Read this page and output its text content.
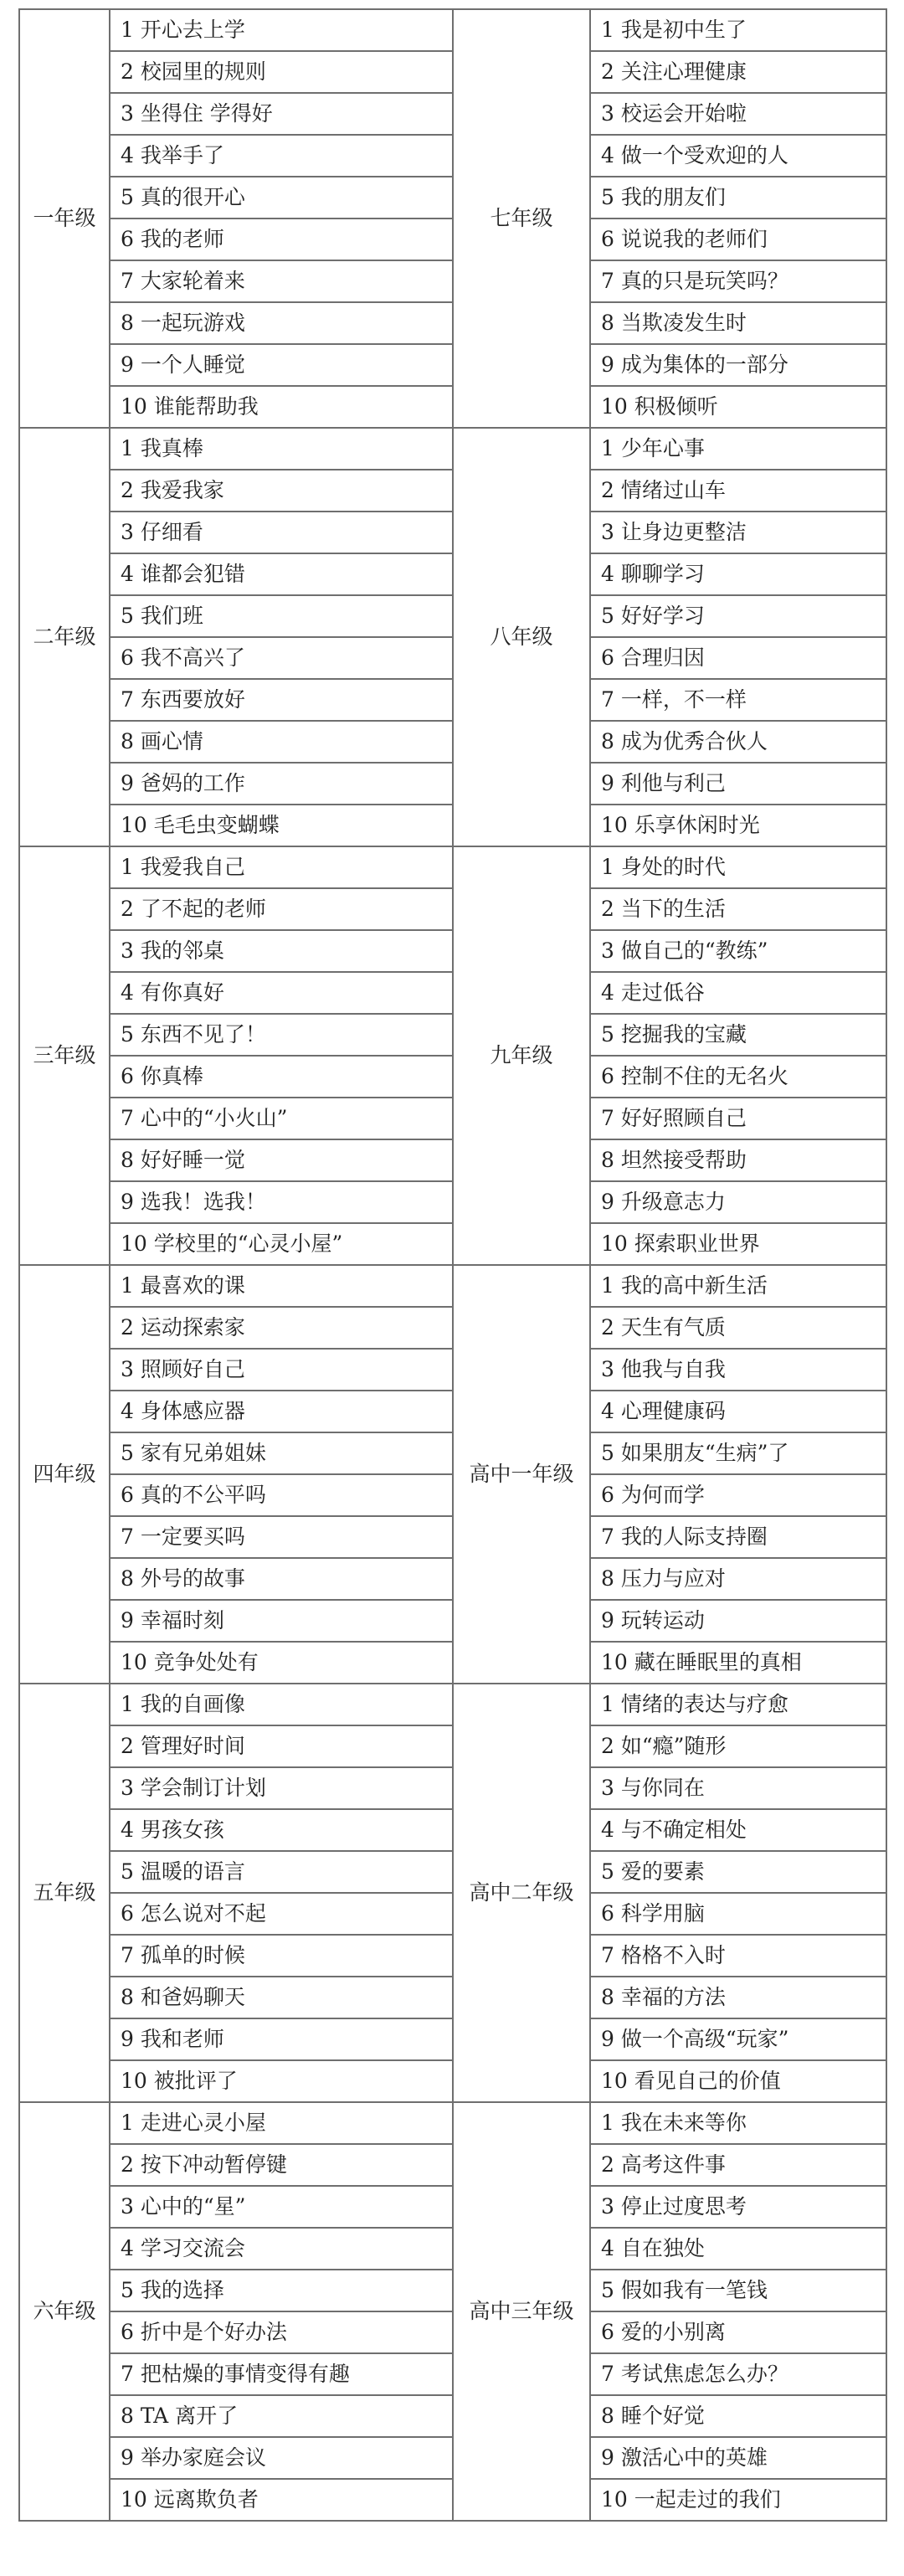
一年级	1 开心去上学	七年级	1 我是初中生了
	2 校园里的规则		2 关注心理健康
	3 坐得住 学得好		3 校运会开始啦
	4 我举手了		4 做一个受欢迎的人
	5 真的很开心		5 我的朋友们
	6 我的老师		6 说说我的老师们
	7 大家轮着来		7 真的只是玩笑吗？
	8 一起玩游戏		8 当欺凌发生时
	9 一个人睡觉		9 成为集体的一部分
	10 谁能帮助我		10 积极倾听
二年级	1 我真棒	八年级	1 少年心事
	2 我爱我家		2 情绪过山车
	3 仔细看		3 让身边更整洁
	4 谁都会犯错		4 聊聊学习
	5 我们班		5 好好学习
	6 我不高兴了		6 合理归因
	7 东西要放好		7 一样，不一样
	8 画心情		8 成为优秀合伙人
	9 爸妈的工作		9 利他与利己
	10 毛毛虫变蝴蝶		10 乐享休闲时光
三年级	1 我爱我自己	九年级	1 身处的时代
	2 了不起的老师		2 当下的生活
	3 我的邻桌		3 做自己的“教练”
	4 有你真好		4 走过低谷
	5 东西不见了！		5 挖掘我的宝藏
	6 你真棒		6 控制不住的无名火
	7 心中的“小火山”		7 好好照顾自己
	8 好好睡一觉		8 坦然接受帮助
	9 选我！选我！		9 升级意志力
	10 学校里的“心灵小屋”		10 探索职业世界
四年级	1 最喜欢的课	高中一年级	1 我的高中新生活
	2 运动探索家		2 天生有气质
	3 照顾好自己		3 他我与自我
	4 身体感应器		4 心理健康码
	5 家有兄弟姐妹		5 如果朋友“生病”了
	6 真的不公平吗		6 为何而学
	7 一定要买吗		7 我的人际支持圈
	8 外号的故事		8 压力与应对
	9 幸福时刻		9 玩转运动
	10 竞争处处有		10 藏在睡眠里的真相
五年级	1 我的自画像	高中二年级	1 情绪的表达与疗愈
	2 管理好时间		2 如“瘾”随形
	3 学会制订计划		3 与你同在
	4 男孩女孩		4 与不确定相处
	5 温暖的语言		5 爱的要素
	6 怎么说对不起		6 科学用脑
	7 孤单的时候		7 格格不入时
	8 和爸妈聊天		8 幸福的方法
	9 我和老师		9 做一个高级“玩家”
	10 被批评了		10 看见自己的价值
六年级	1 走进心灵小屋	高中三年级	1 我在未来等你
	2 按下冲动暂停键		2 高考这件事
	3 心中的“星”		3 停止过度思考
	4 学习交流会		4 自在独处
	5 我的选择		5 假如我有一笔钱
	6 折中是个好办法		6 爱的小别离
	7 把枯燥的事情变得有趣		7 考试焦虑怎么办？
	8 TA 离开了		8 睡个好觉
	9 举办家庭会议		9 激活心中的英雄
	10 远离欺负者		10 一起走过的我们
